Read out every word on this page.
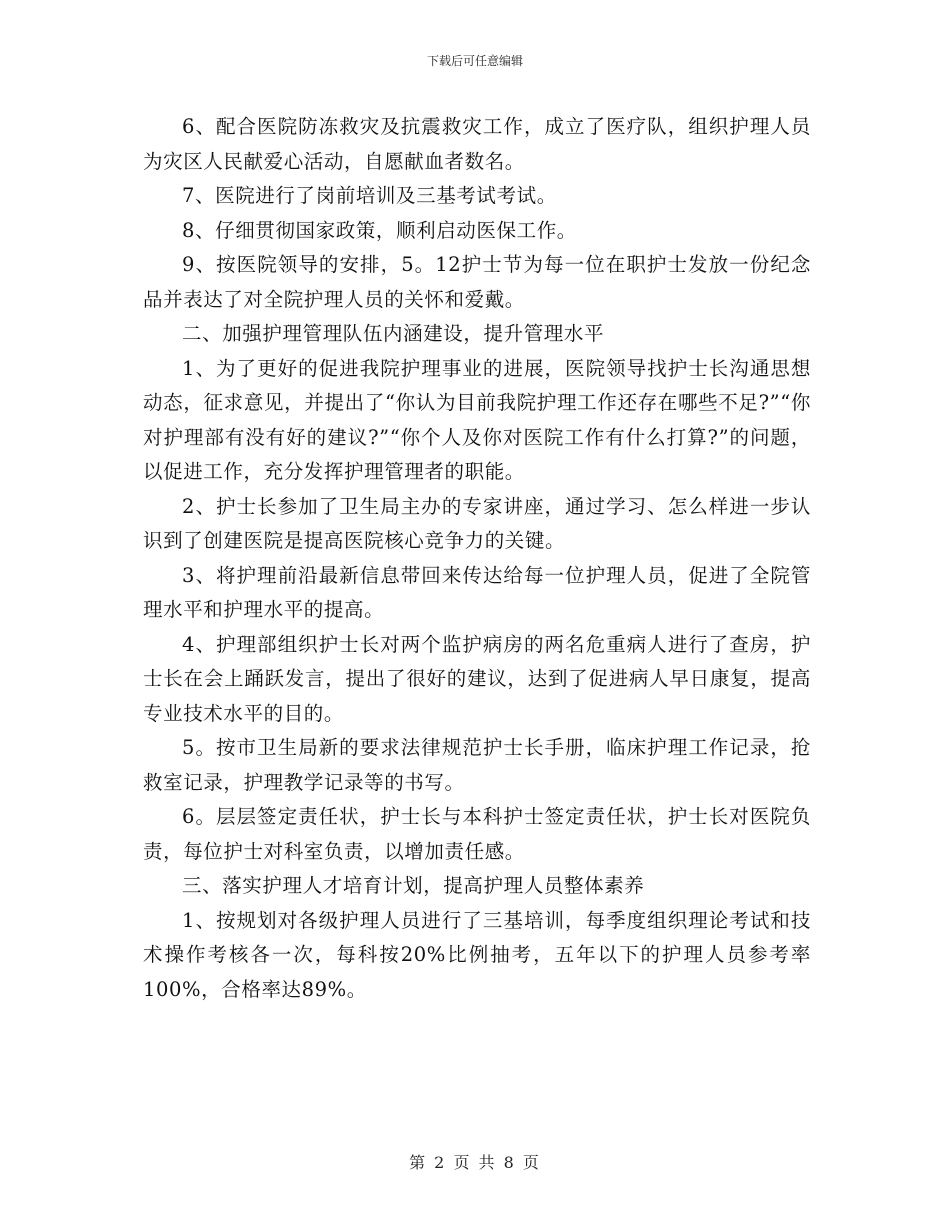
下载后可任意编辑

6、配合医院防冻救灾及抗震救灾工作，成立了医疗队，组织护理人员为灾区人民献爱心活动，自愿献血者数名。

7、医院进行了岗前培训及三基考试考试。

8、仔细贯彻国家政策，顺利启动医保工作。

9、按医院领导的安排，5。12护士节为每一位在职护士发放一份纪念品并表达了对全院护理人员的关怀和爱戴。

二、加强护理管理队伍内涵建设，提升管理水平

1、为了更好的促进我院护理事业的进展，医院领导找护士长沟通思想动态，征求意见，并提出了“你认为目前我院护理工作还存在哪些不足?”“你对护理部有没有好的建议?”“你个人及你对医院工作有什么打算?”的问题，以促进工作，充分发挥护理管理者的职能。

2、护士长参加了卫生局主办的专家讲座，通过学习、怎么样进一步认识到了创建医院是提高医院核心竞争力的关键。

3、将护理前沿最新信息带回来传达给每一位护理人员，促进了全院管理水平和护理水平的提高。

4、护理部组织护士长对两个监护病房的两名危重病人进行了查房，护士长在会上踊跃发言，提出了很好的建议，达到了促进病人早日康复，提高专业技术水平的目的。

5。按市卫生局新的要求法律规范护士长手册，临床护理工作记录，抢救室记录，护理教学记录等的书写。

6。层层签定责任状，护士长与本科护士签定责任状，护士长对医院负责，每位护士对科室负责，以增加责任感。

三、落实护理人才培育计划，提高护理人员整体素养

1、按规划对各级护理人员进行了三基培训，每季度组织理论考试和技术操作考核各一次，每科按20%比例抽考，五年以下的护理人员参考率100%，合格率达89%。

第 2 页 共 8 页
